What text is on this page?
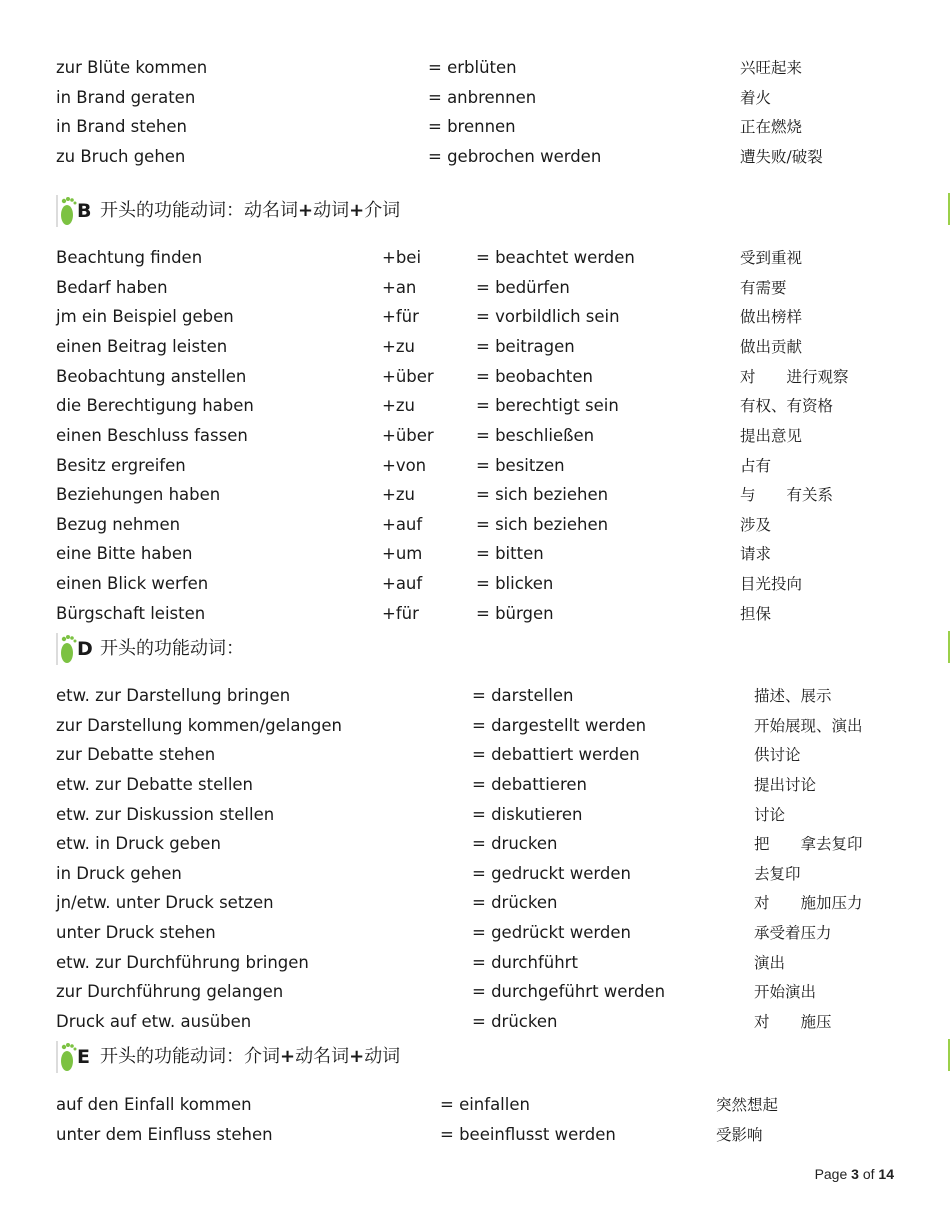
zur Blüte kommen	= erblüten	兴旺起来
in Brand geraten	= anbrennen	着火
in Brand stehen	= brennen	正在燃烧
zu Bruch gehen	= gebrochen werden	遭失败/破裂
B 开头的功能动词：动名词+动词+介词
Beachtung finden	+bei	= beachtet werden	受到重视
Bedarf haben	+an	= bedürfen	有需要
jm ein Beispiel geben	+für	= vorbildlich sein	做出榜样
einen Beitrag leisten	+zu	= beitragen	做出贡献
Beobachtung anstellen	+über	= beobachten	对　　进行观察
die Berechtigung haben	+zu	= berechtigt sein	有权、有资格
einen Beschluss fassen	+über	= beschließen	提出意见
Besitz ergreifen	+von	= besitzen	占有
Beziehungen haben	+zu	= sich beziehen	与　　有关系
Bezug nehmen	+auf	= sich beziehen	涉及
eine Bitte haben	+um	= bitten	请求
einen Blick werfen	+auf	= blicken	目光投向
Bürgschaft leisten	+für	= bürgen	担保
D 开头的功能动词：
etw. zur Darstellung bringen	= darstellen	描述、展示
zur Darstellung kommen/gelangen	= dargestellt werden	开始展现、演出
zur Debatte stehen	= debattiert werden	供讨论
etw. zur Debatte stellen	= debattieren	提出讨论
etw. zur Diskussion stellen	= diskutieren	讨论
etw. in Druck geben	= drucken	把　　拿去复印
in Druck gehen	= gedruckt werden	去复印
jn/etw. unter Druck setzen	= drücken	对　　施加压力
unter Druck stehen	= gedrückt werden	承受着压力
etw. zur Durchführung bringen	= durchführt	演出
zur Durchführung gelangen	= durchgeführt werden	开始演出
Druck auf etw. ausüben	= drücken	对　　施压
E 开头的功能动词：介词+动名词+动词
auf den Einfall kommen	= einfallen	突然想起
unter dem Einfluss stehen	= beeinflusst werden	受影响
Page 3 of 14
